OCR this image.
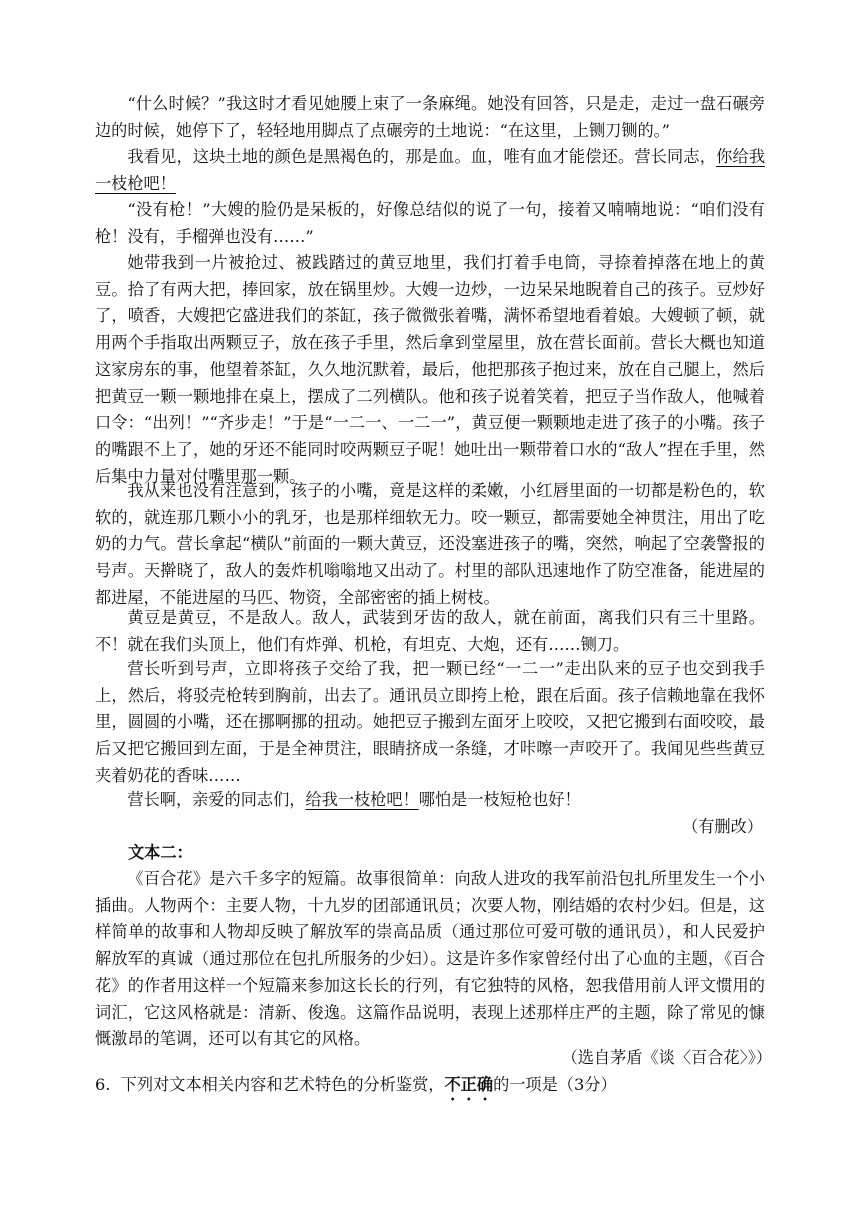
“什么时候？”我这时才看见她腰上束了一条麻绳。她没有回答，只是走，走过一盘石碾旁边的时候，她停下了，轻轻地用脚点了点碾旁的土地说：“在这里，上铡刀铡的。”

我看见，这块土地的颜色是黑褐色的，那是血。血，唯有血才能偿还。营长同志，你给我一枝枪吧！

“没有枪！”大嫂的脸仍是呆板的，好像总结似的说了一句，接着又喃喃地说：“咱们没有枪！没有，手榴弹也没有……”

她带我到一片被抢过、被践踏过的黄豆地里，我们打着手电筒，寻捺着掉落在地上的黄豆。拾了有两大把，捧回家，放在锅里炒。大嫂一边炒，一边呆呆地睨着自己的孩子。豆炒好了，喷香，大嫂把它盛进我们的茶缸，孩子微微张着嘴，满怀希望地看着娘。大嫂顿了顿，就用两个手指取出两颗豆子，放在孩子手里，然后拿到堂屋里，放在营长面前。营长大概也知道这家房东的事，他望着茶缸，久久地沉默着，最后，他把那孩子抱过来，放在自己腿上，然后把黄豆一颗一颗地排在桌上，摆成了二列横队。他和孩子说着笑着，把豆子当作敌人，他喊着口令：“出列！”“齐步走！”于是“一二一、一二一”，黄豆便一颗颗地走进了孩子的小嘴。孩子的嘴跟不上了，她的牙还不能同时咬两颗豆子呢！她吐出一颗带着口水的“敌人”捏在手里，然后集中力量对付嘴里那一颗。

我从来也没有注意到，孩子的小嘴，竟是这样的柔嫩，小红唇里面的一切都是粉色的，软软的，就连那几颗小小的乳牙，也是那样细软无力。咬一颗豆，都需要她全神贯注，用出了吃奶的力气。营长拿起“横队”前面的一颗大黄豆，还没塞进孩子的嘴，突然，响起了空袭警报的号声。天擀晓了，敌人的轰炸机嗡嗡地又出动了。村里的部队迅速地作了防空准备，能进屋的都进屋，不能进屋的马匹、物资，全部密密的插上树枝。

黄豆是黄豆，不是敌人。敌人，武装到牙齿的敌人，就在前面，离我们只有三十里路。不！就在我们头顶上，他们有炸弹、机枪，有坦克、大炮，还有……铡刀。

营长听到号声，立即将孩子交给了我，把一颗已经“一二一”走出队来的豆子也交到我手上，然后，将驳壳枪转到胸前，出去了。通讯员立即挎上枪，跟在后面。孩子信赖地靠在我怀里，圆圆的小嘴，还在挪啊挪的扭动。她把豆子搬到左面牙上咬咬，又把它搬到右面咬咬，最后又把它搬回到左面，于是全神贯注，眼睛挤成一条缝，才咔嚓一声咬开了。我闻见些些黄豆夹着奶花的香味……

营长啊，亲爱的同志们，给我一枝枪吧！哪怕是一枝短枪也好！

（有删改）

文本二：

《百合花》是六千多字的短篇。故事很简单：向敌人进攻的我军前沿包扎所里发生一个小插曲。人物两个：主要人物，十九岁的团部通讯员；次要人物，刚结婚的农村少妇。但是，这样简单的故事和人物却反映了解放军的崇高品质（通过那位可爱可敬的通讯员），和人民爱护解放军的真诚（通过那位在包扎所服务的少妇）。这是许多作家曾经付出了心血的主题，《百合花》的作者用这样一个短篇来参加这长长的行列，有它独特的风格，恕我借用前人评文惯用的词汇，它这风格就是：清新、俊逸。这篇作品说明，表现上述那样庄严的主题，除了常见的慷慨激昂的笔调，还可以有其它的风格。

（选自茅盾《谈〈百合花〉》）

6. 下列对文本相关内容和艺术特色的分析鉴赏，不正确的一项是（3分）
